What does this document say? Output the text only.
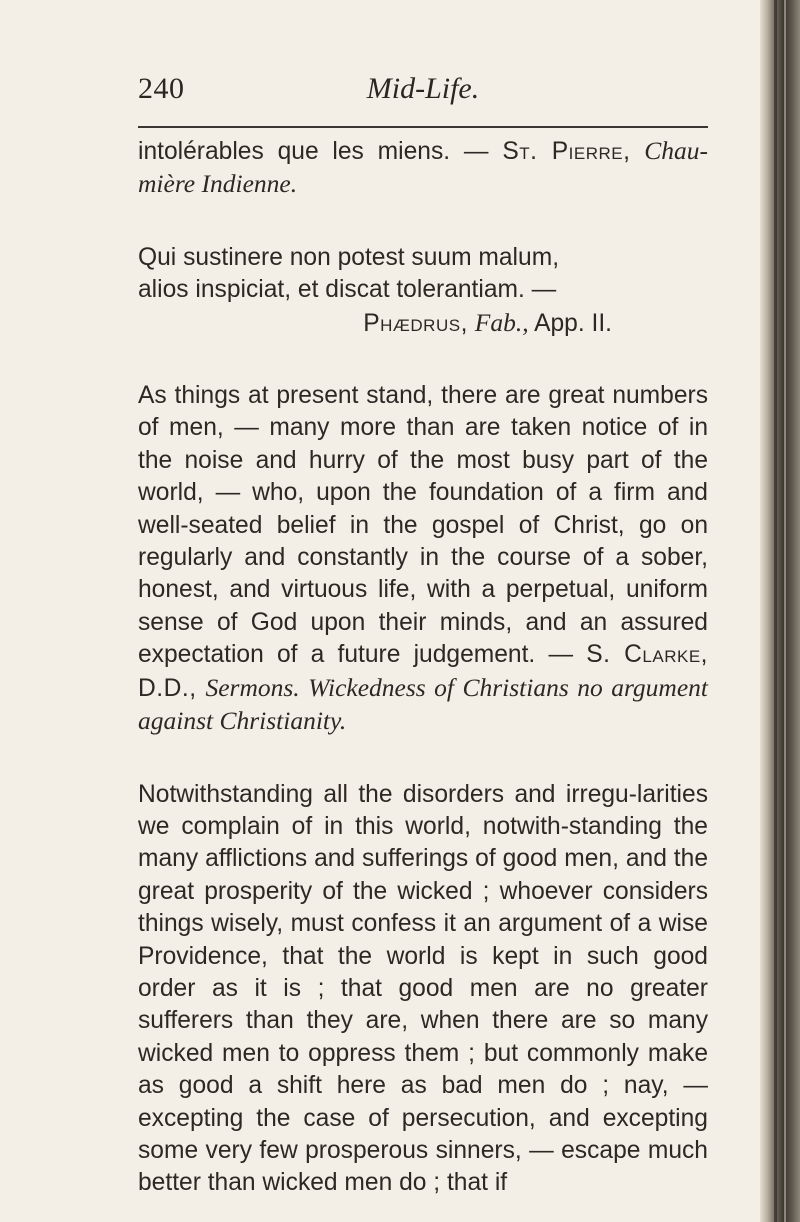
240	Mid-Life.

intolérables que les miens. — St. Pierre, Chau-mière Indienne.

Qui sustinere non potest suum malum,
alios inspiciat, et discat tolerantiam. —

Phædrus, Fab., App. II.

As things at present stand, there are great numbers of men, — many more than are taken notice of in the noise and hurry of the most busy part of the world, — who, upon the foundation of a firm and well-seated belief in the gospel of Christ, go on regularly and constantly in the course of a sober, honest, and virtuous life, with a perpetual, uniform sense of God upon their minds, and an assured expectation of a future judgement. — S. Clarke, D.D., Sermons. Wickedness of Christians no argument against Christianity.

Notwithstanding all the disorders and irregu-larities we complain of in this world, notwith-standing the many afflictions and sufferings of good men, and the great prosperity of the wicked ; whoever considers things wisely, must confess it an argument of a wise Providence, that the world is kept in such good order as it is ; that good men are no greater sufferers than they are, when there are so many wicked men to oppress them ; but commonly make as good a shift here as bad men do ; nay, — excepting the case of persecution, and excepting some very few prosperous sinners, — escape much better than wicked men do ; that if
